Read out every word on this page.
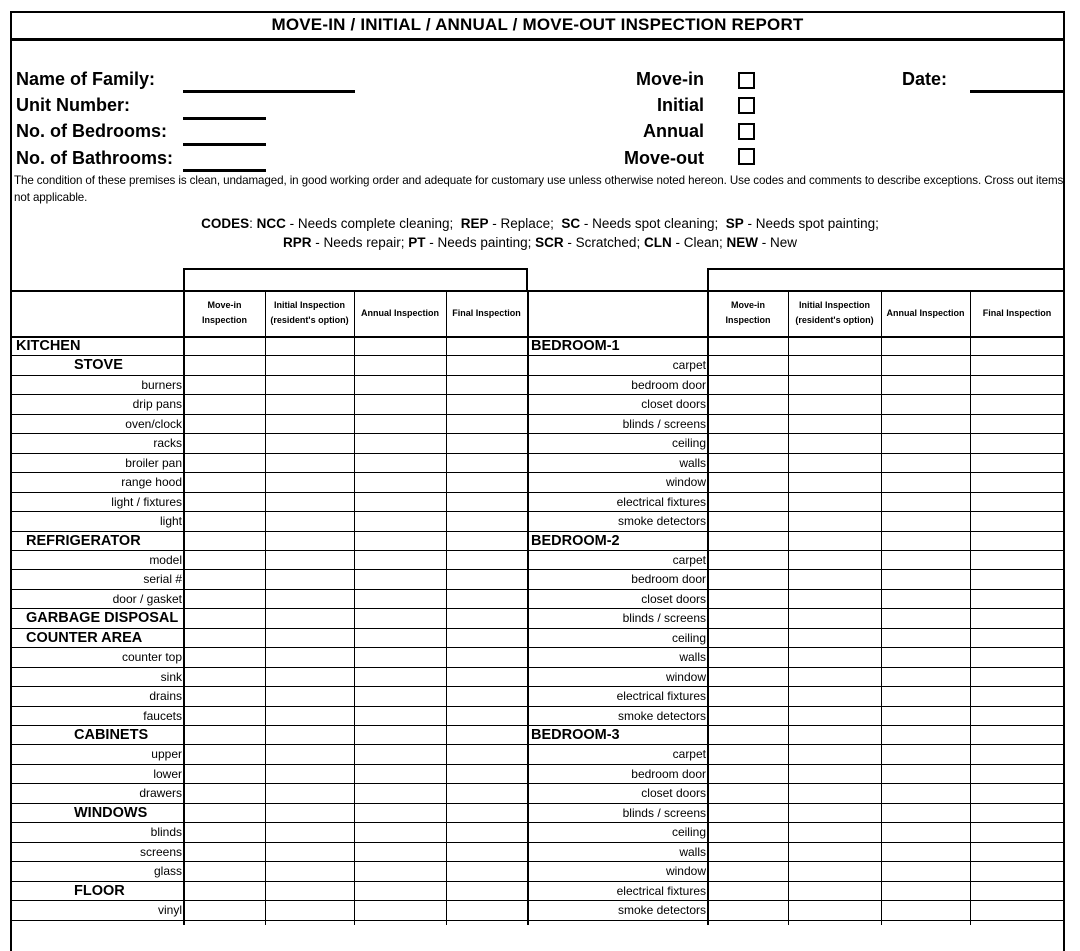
MOVE-IN / INITIAL / ANNUAL / MOVE-OUT INSPECTION REPORT
Name of Family:
Unit Number:
No. of Bedrooms:
No. of Bathrooms:
Move-in
Initial
Annual
Move-out
Date:
The condition of these premises is clean, undamaged, in good working order and adequate for customary use unless otherwise noted hereon. Use codes and comments to describe exceptions. Cross out items not applicable.
CODES: NCC - Needs complete cleaning; REP - Replace; SC - Needs spot cleaning; SP - Needs spot painting;
RPR - Needs repair; PT - Needs painting; SCR - Scratched; CLN - Clean; NEW - New
Move-in Inspection
Initial Inspection (resident's option)
Annual Inspection	Final Inspection
Move-in Inspection
Initial Inspection (resident's option)
Annual Inspection	Final Inspection
KITCHEN
STOVE
burners
drip pans
oven/clock
racks
broiler pan
range hood
light / fixtures
light
REFRIGERATOR
model
serial #
door / gasket
GARBAGE DISPOSAL
COUNTER AREA
counter top
sink
drains
faucets
CABINETS
upper
lower
drawers
WINDOWS
blinds
screens
glass
FLOOR
vinyl
BEDROOM-1
carpet
bedroom door
closet doors
blinds / screens
ceiling
walls
window
electrical fixtures
smoke detectors
BEDROOM-2
carpet
bedroom door
closet doors
blinds / screens
ceiling
walls
window
electrical fixtures
smoke detectors
BEDROOM-3
carpet
bedroom door
closet doors
blinds / screens
ceiling
walls
window
electrical fixtures
smoke detectors
